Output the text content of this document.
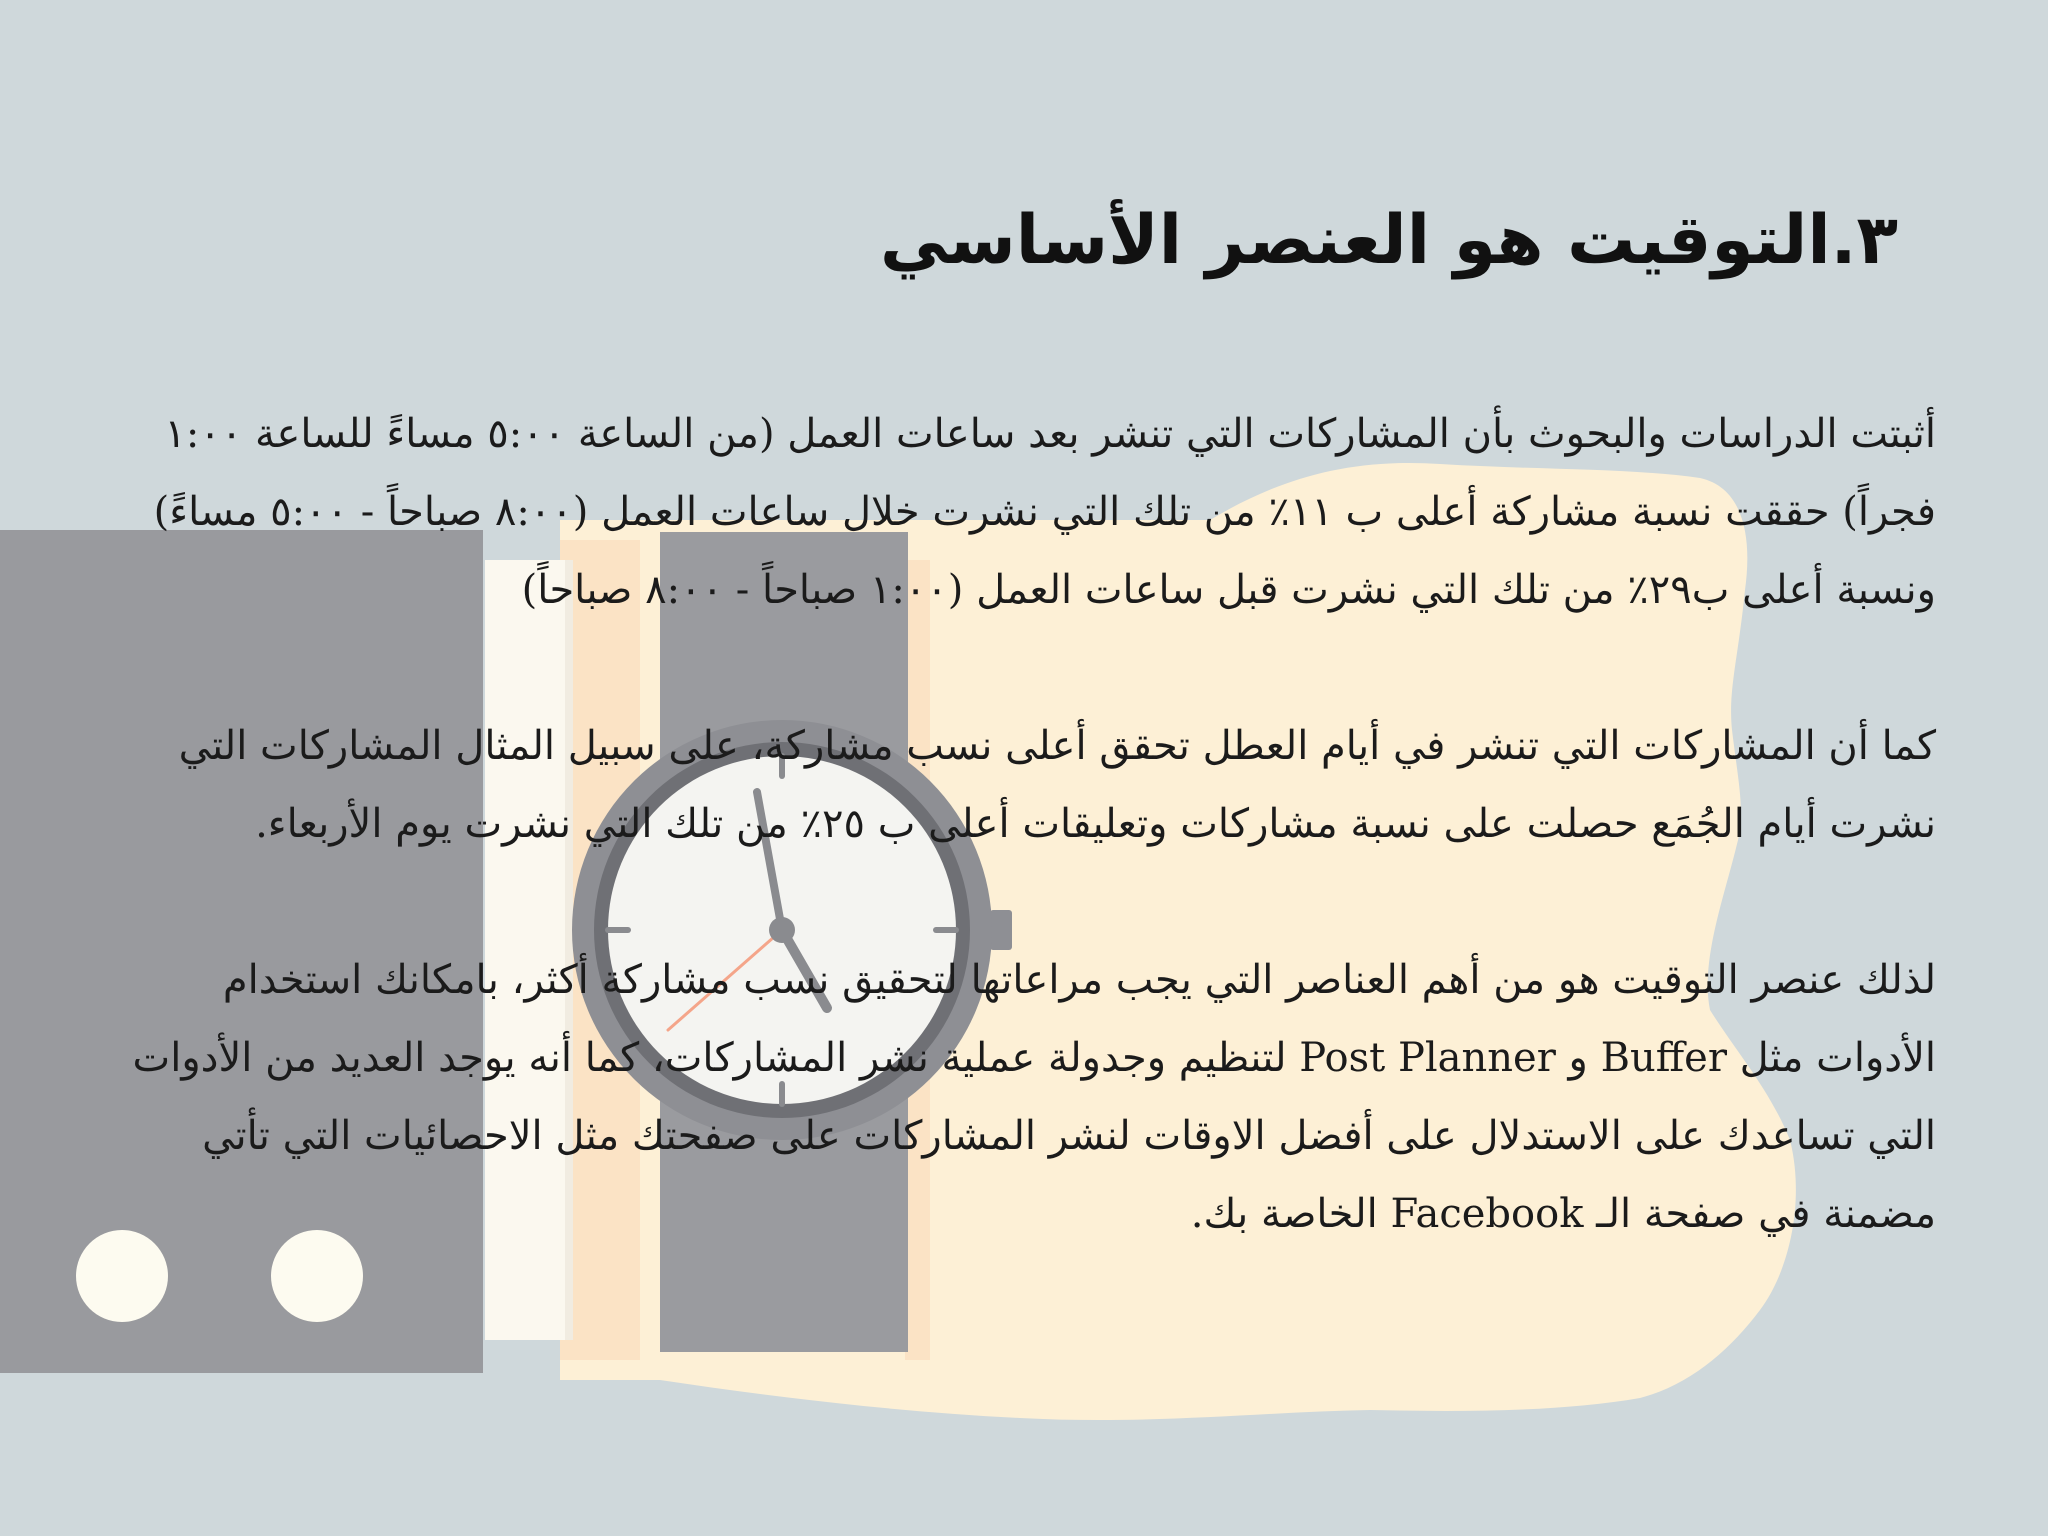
٣.التوقيت هو العنصر الأساسي

أثبتت الدراسات والبحوث بأن المشاركات التي تنشر بعد ساعات العمل (من الساعة ٥:٠٠ مساءً للساعة ١:٠٠ فجراً) حققت نسبة مشاركة أعلى ب ١١٪ من تلك التي نشرت خلال ساعات العمل (٨:٠٠ صباحاً - ٥:٠٠ مساءً) ونسبة أعلى ب٢٩٪ من تلك التي نشرت قبل ساعات العمل (١:٠٠ صباحاً - ٨:٠٠ صباحاً)

كما أن المشاركات التي تنشر في أيام العطل تحقق أعلى نسب مشاركة، على سبيل المثال المشاركات التي نشرت أيام الجُمَع حصلت على نسبة مشاركات وتعليقات أعلى ب ٢٥٪ من تلك التي نشرت يوم الأربعاء.

لذلك عنصر التوقيت هو من أهم العناصر التي يجب مراعاتها لتحقيق نسب مشاركة أكثر، بامكانك استخدام الأدوات مثل Buffer و Post Planner لتنظيم وجدولة عملية نشر المشاركات، كما أنه يوجد العديد من الأدوات التي تساعدك على الاستدلال على أفضل الاوقات لنشر المشاركات على صفحتك مثل الاحصائيات التي تأتي مضمنة في صفحة الـ Facebook الخاصة بك.
